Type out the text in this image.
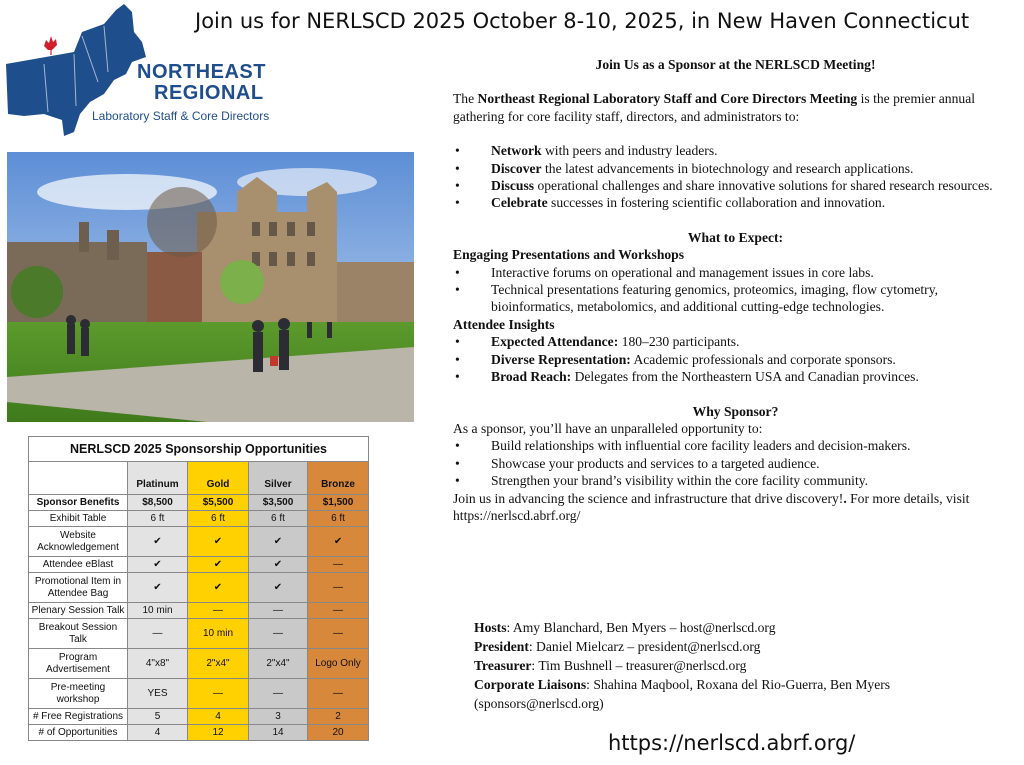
Join us for NERLSCD 2025 October 8-10, 2025, in New Haven Connecticut
NORTHEAST
REGIONAL
Laboratory Staff & Core Directors
NERLSCD 2025 Sponsorship Opportunities				
	Platinum	Gold	Silver	Bronze
Sponsor Benefits	$8,500	$5,500	$3,500	$1,500
Exhibit Table	6 ft	6 ft	6 ft	6 ft
Website Acknowledgement	✔	✔	✔	✔
Attendee eBlast	✔	✔	✔	—
Promotional Item in Attendee Bag	✔	✔	✔	—
Plenary Session Talk	10 min	—	—	—
Breakout Session Talk	—	10 min	—	—
Program Advertisement	4"x8"	2"x4"	2"x4"	Logo Only
Pre-meeting workshop	YES	—	—	—
# Free Registrations	5	4	3	2
# of Opportunities	4	12	14	20

Join Us as a Sponsor at the NERLSCD Meeting!

The Northeast Regional Laboratory Staff and Core Directors Meeting is the premier annual gathering for core facility staff, directors, and administrators to:

• Network with peers and industry leaders.
• Discover the latest advancements in biotechnology and research applications.
• Discuss operational challenges and share innovative solutions for shared research resources.
• Celebrate successes in fostering scientific collaboration and innovation.

What to Expect:

Engaging Presentations and Workshops

• Interactive forums on operational and management issues in core labs.
• Technical presentations featuring genomics, proteomics, imaging, flow cytometry, bioinformatics, metabolomics, and additional cutting-edge technologies.

Attendee Insights

• Expected Attendance: 180–230 participants.
• Diverse Representation: Academic professionals and corporate sponsors.
• Broad Reach: Delegates from the Northeastern USA and Canadian provinces.

Why Sponsor?

As a sponsor, you’ll have an unparalleled opportunity to:

• Build relationships with influential core facility leaders and decision-makers.
• Showcase your products and services to a targeted audience.
• Strengthen your brand’s visibility within the core facility community.

Join us in advancing the science and infrastructure that drive discovery!. For more details, visit https://nerlscd.abrf.org/

Hosts: Amy Blanchard, Ben Myers – host@nerlscd.org

President: Daniel Mielcarz – president@nerlscd.org

Treasurer: Tim Bushnell – treasurer@nerlscd.org

Corporate Liaisons: Shahina Maqbool, Roxana del Rio-Guerra, Ben Myers (sponsors@nerlscd.org)

https://nerlscd.abrf.org/
